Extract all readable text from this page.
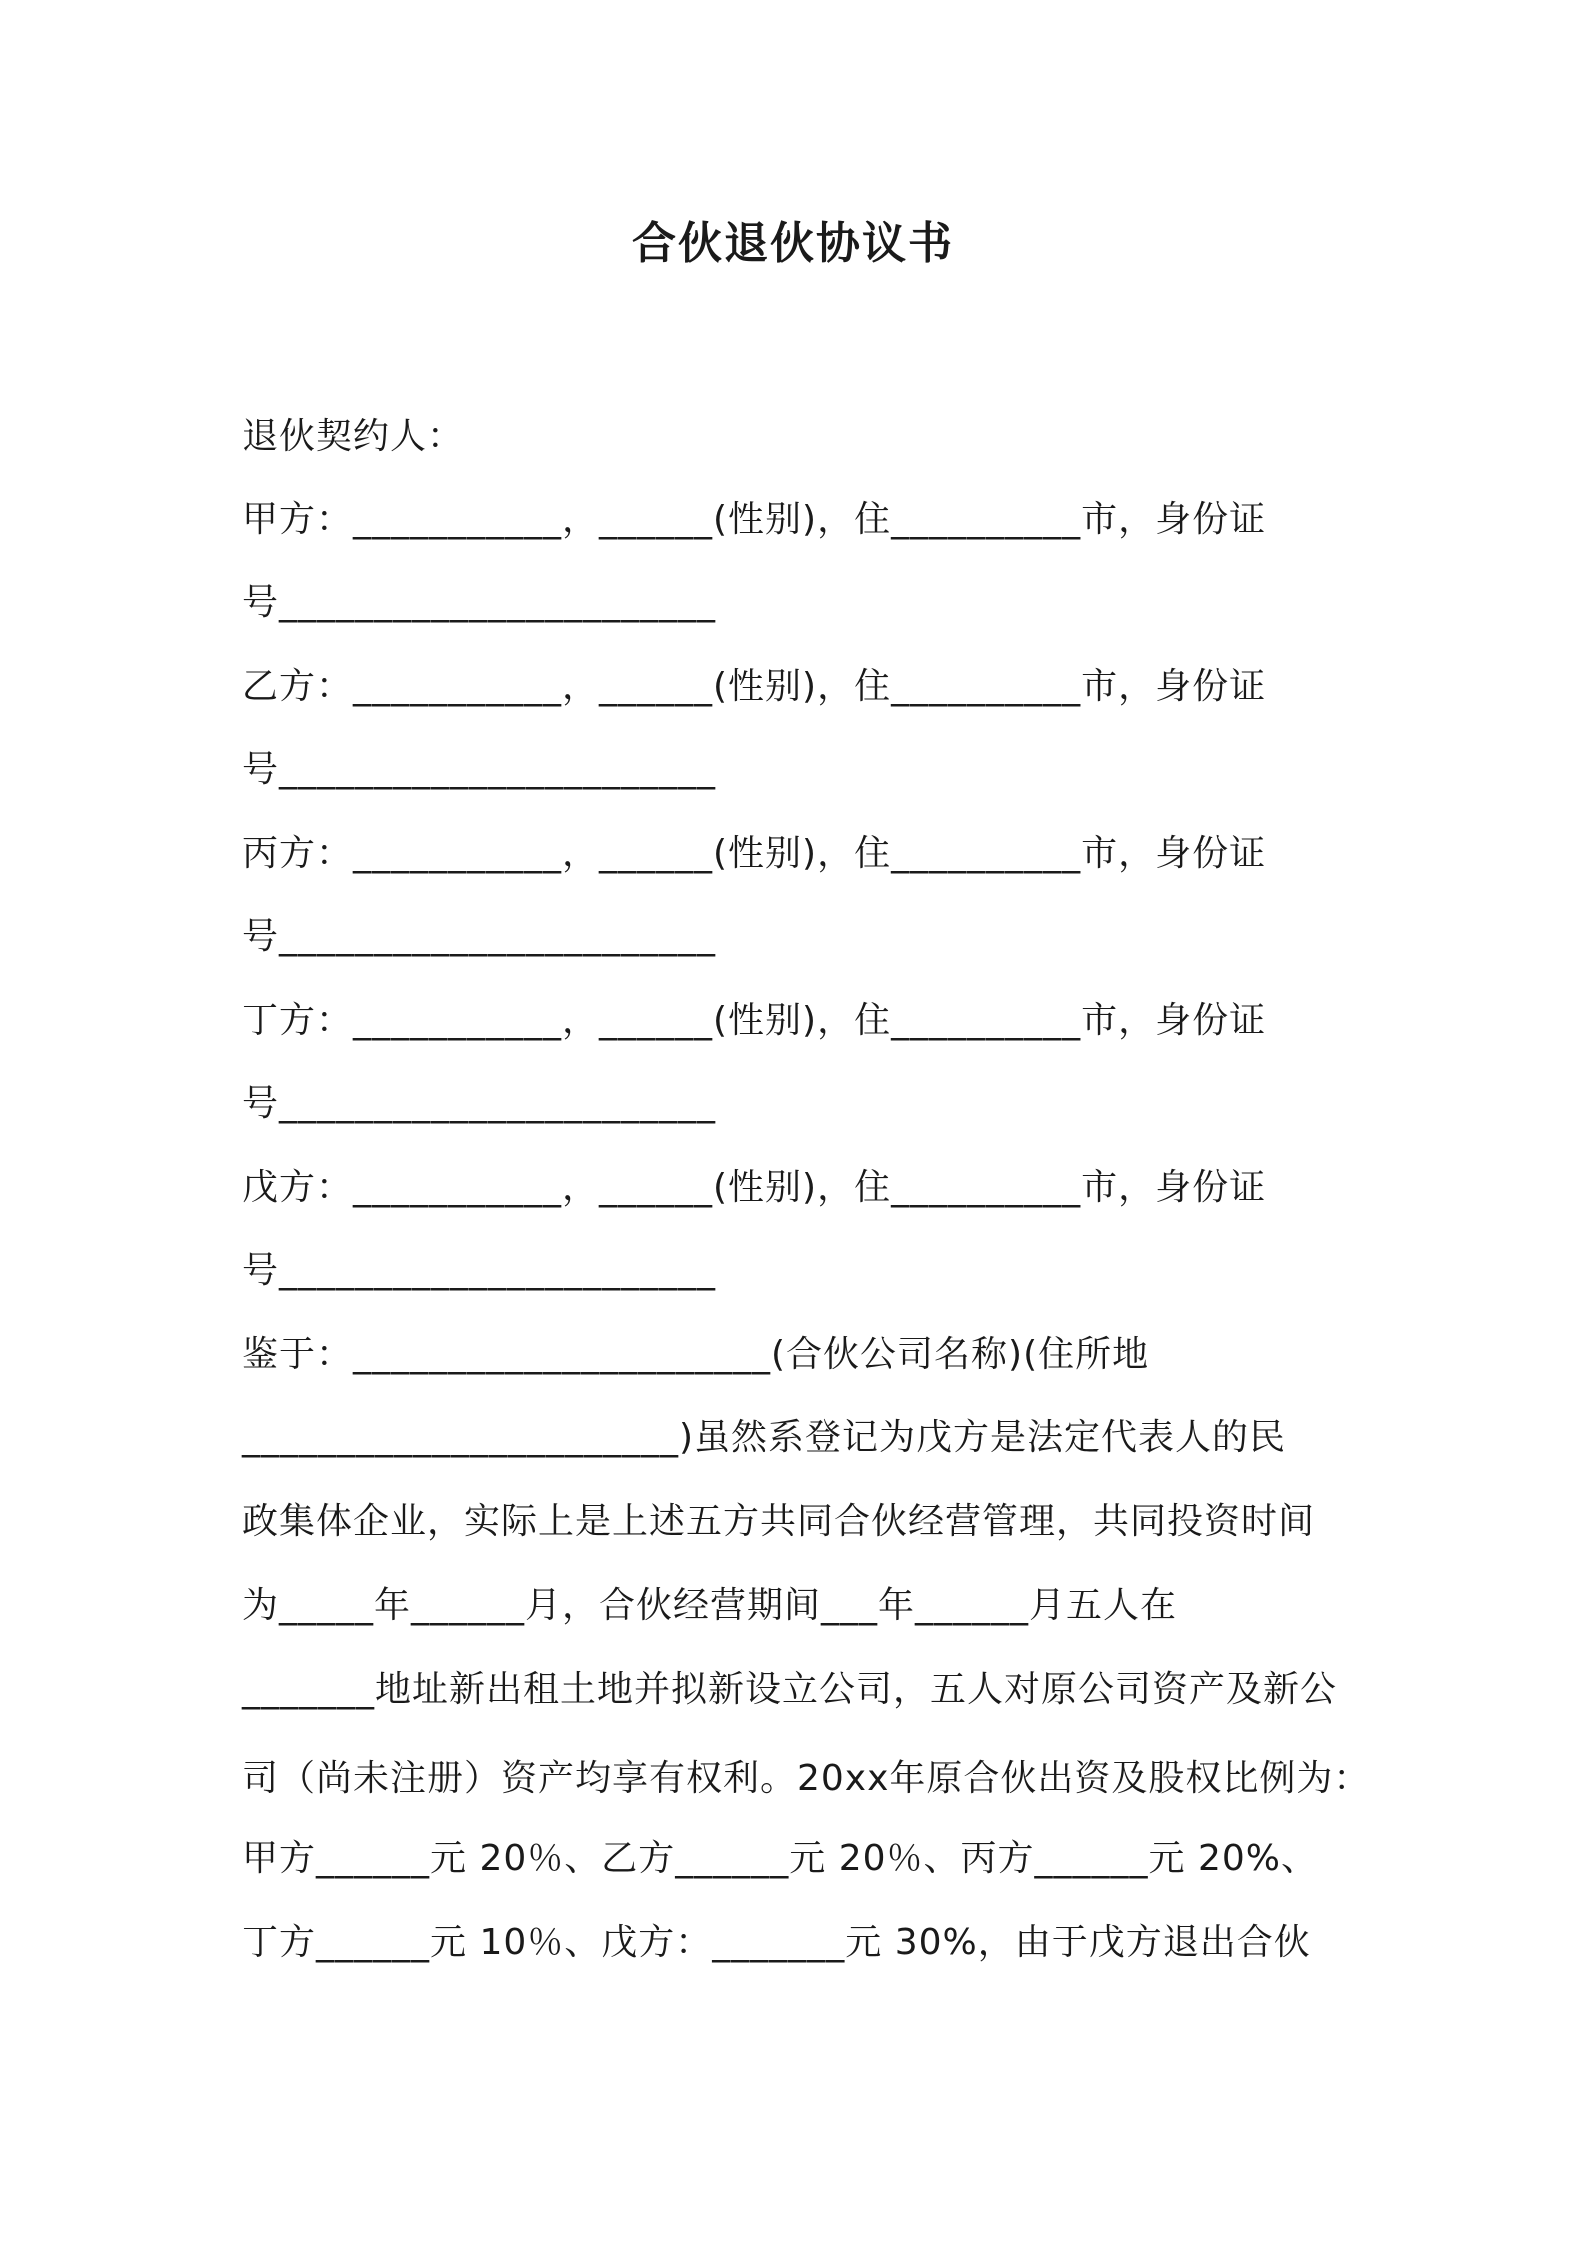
合伙退伙协议书
退伙契约人：
甲方：___________，______(性别)，住__________市，身份证
号_______________________
乙方：___________，______(性别)，住__________市，身份证
号_______________________
丙方：___________，______(性别)，住__________市，身份证
号_______________________
丁方：___________，______(性别)，住__________市，身份证
号_______________________
戊方：___________，______(性别)，住__________市，身份证
号_______________________
鉴于：______________________(合伙公司名称)(住所地
_______________________)虽然系登记为戊方是法定代表人的民
政集体企业，实际上是上述五方共同合伙经营管理，共同投资时间
为_____年______月，合伙经营期间___年______月五人在
_______地址新出租土地并拟新设立公司，五人对原公司资产及新公
司（尚未注册）资产均享有权利。20xx年原合伙出资及股权比例为：
甲方______元 20％、乙方______元 20％、丙方______元 20%、
丁方______元 10％、戊方：_______元 30%，由于戊方退出合伙
